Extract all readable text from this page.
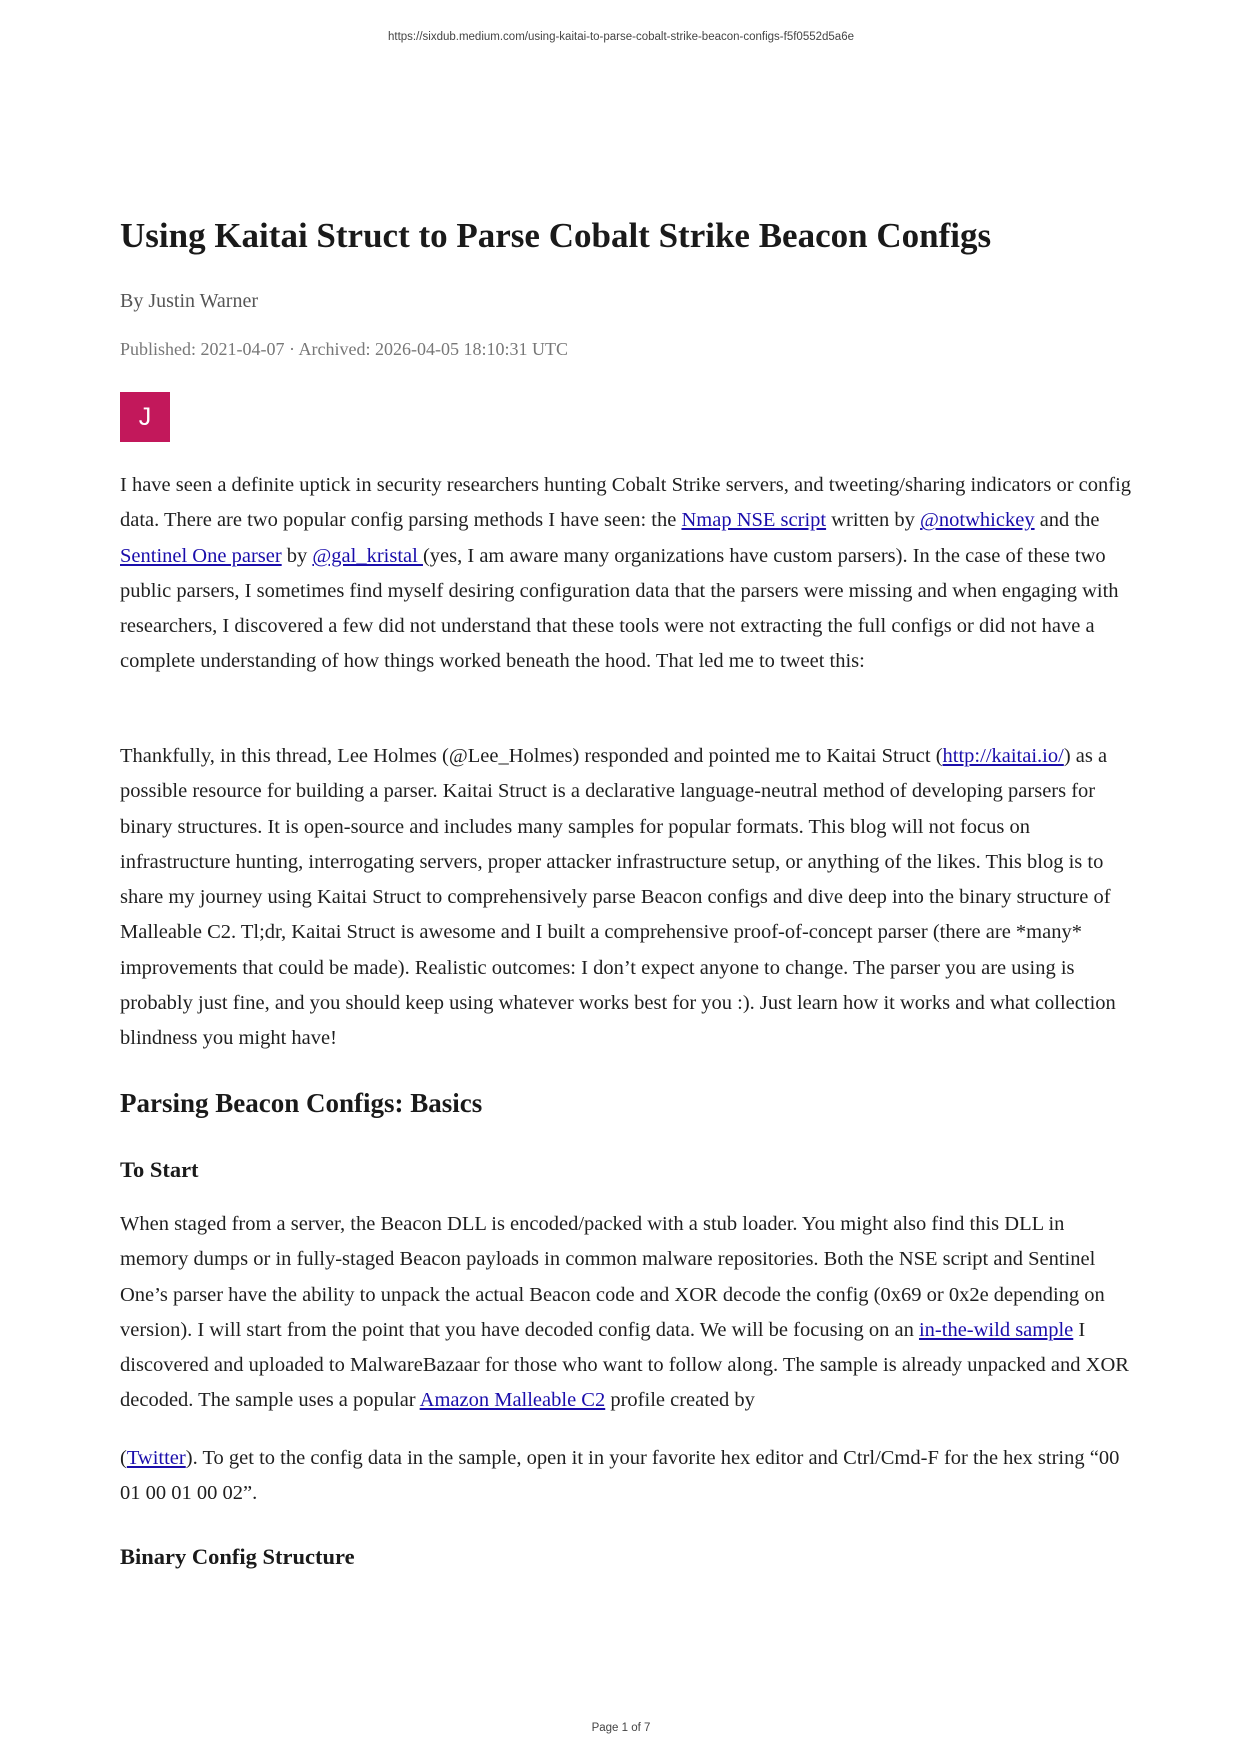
https://sixdub.medium.com/using-kaitai-to-parse-cobalt-strike-beacon-configs-f5f0552d5a6e
Using Kaitai Struct to Parse Cobalt Strike Beacon Configs
By Justin Warner
Published: 2021-04-07 · Archived: 2026-04-05 18:10:31 UTC
J

I have seen a definite uptick in security researchers hunting Cobalt Strike servers, and tweeting/sharing indicators or config data. There are two popular config parsing methods I have seen: the Nmap NSE script written by @notwhickey and the Sentinel One parser by @gal_kristal (yes, I am aware many organizations have custom parsers). In the case of these two public parsers, I sometimes find myself desiring configuration data that the parsers were missing and when engaging with researchers, I discovered a few did not understand that these tools were not extracting the full configs or did not have a complete understanding of how things worked beneath the hood. That led me to tweet this:

Thankfully, in this thread, Lee Holmes (@Lee_Holmes) responded and pointed me to Kaitai Struct (http://kaitai.io/) as a possible resource for building a parser. Kaitai Struct is a declarative language-neutral method of developing parsers for binary structures. It is open-source and includes many samples for popular formats. This blog will not focus on infrastructure hunting, interrogating servers, proper attacker infrastructure setup, or anything of the likes. This blog is to share my journey using Kaitai Struct to comprehensively parse Beacon configs and dive deep into the binary structure of Malleable C2. Tl;dr, Kaitai Struct is awesome and I built a comprehensive proof-of-concept parser (there are *many* improvements that could be made). Realistic outcomes: I don’t expect anyone to change. The parser you are using is probably just fine, and you should keep using whatever works best for you :). Just learn how it works and what collection blindness you might have!

Parsing Beacon Configs: Basics
To Start

When staged from a server, the Beacon DLL is encoded/packed with a stub loader. You might also find this DLL in memory dumps or in fully-staged Beacon payloads in common malware repositories. Both the NSE script and Sentinel One’s parser have the ability to unpack the actual Beacon code and XOR decode the config (0x69 or 0x2e depending on version). I will start from the point that you have decoded config data. We will be focusing on an in-the-wild sample I discovered and uploaded to MalwareBazaar for those who want to follow along. The sample is already unpacked and XOR decoded. The sample uses a popular Amazon Malleable C2 profile created by

(Twitter). To get to the config data in the sample, open it in your favorite hex editor and Ctrl/Cmd-F for the hex string “00 01 00 01 00 02”.

Binary Config Structure
Page 1 of 7
